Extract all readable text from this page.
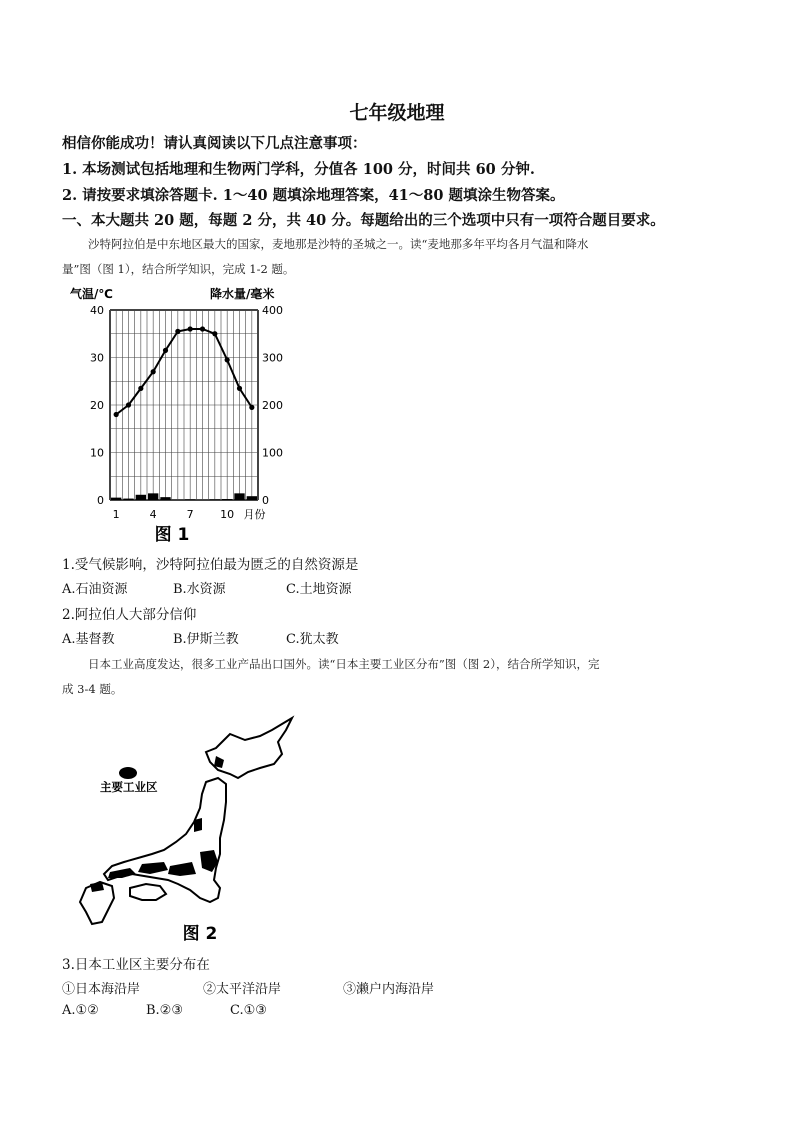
七年级地理
相信你能成功！请认真阅读以下几点注意事项：
1. 本场测试包括地理和生物两门学科，分值各 100 分，时间共 60 分钟.
2. 请按要求填涂答题卡. 1～40 题填涂地理答案，41～80 题填涂生物答案。
一、本大题共 20 题，每题 2 分，共 40 分。每题给出的三个选项中只有一项符合题目要求。
沙特阿拉伯是中东地区最大的国家，麦地那是沙特的圣城之一。读“麦地那多年平均各月气温和降水
量”图（图 1），结合所学知识，完成 1-2 题。
气温/℃	降水量/毫米
40
30
20
10
0
400
300
200
100
0
1	4	7 10 月份
图 1
1.受气候影响，沙特阿拉伯最为匮乏的自然资源是
A.石油资源	B.水资源	C.土地资源
2.阿拉伯人大部分信仰
A.基督教	B.伊斯兰教	C.犹太教
日本工业高度发达，很多工业产品出口国外。读“日本主要工业区分布”图（图 2），结合所学知识，完
成 3-4 题。
主要工业区
图 2
3.日本工业区主要分布在
①日本海沿岸	②太平洋沿岸	③濑户内海沿岸
A.①②	B.②③	C.①③
